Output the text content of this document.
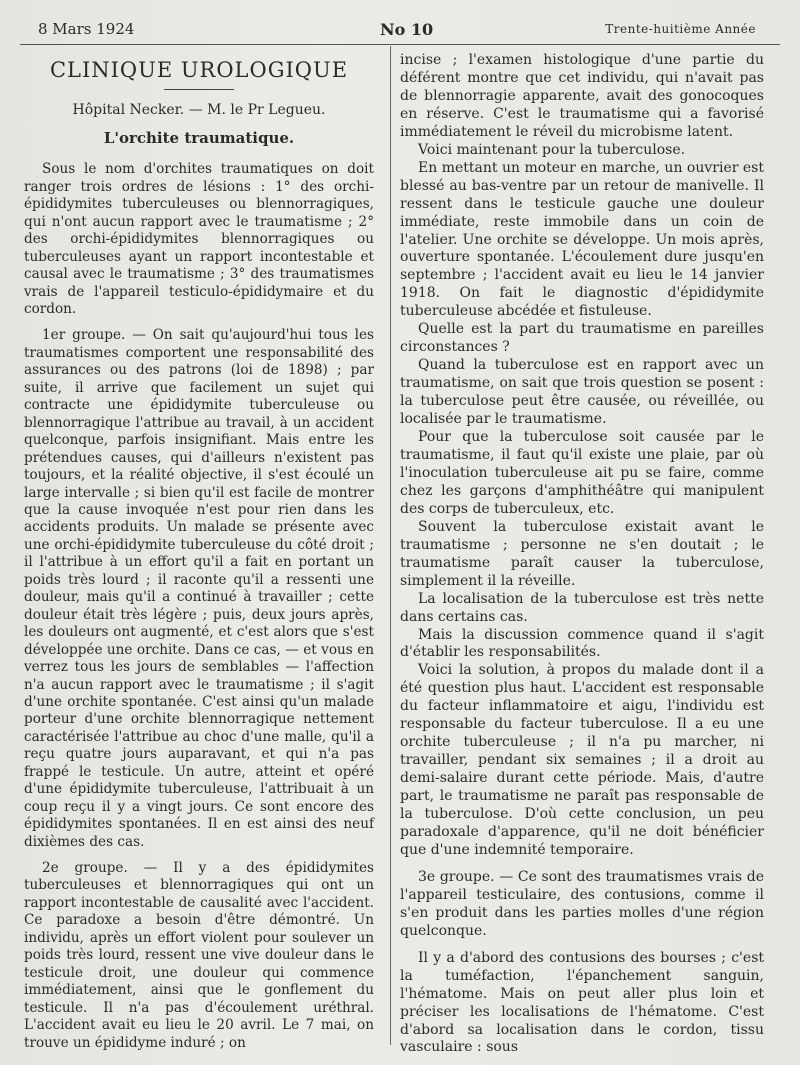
8 Mars 1924	No 10	Trente-huitième Année
CLINIQUE UROLOGIQUE
Hôpital Necker. — M. le Pr Legueu.
L'orchite traumatique.

Sous le nom d'orchites traumatiques on doit ranger trois ordres de lésions : 1° des orchi-épididymites tuberculeuses ou blennorragiques, qui n'ont aucun rapport avec le traumatisme ; 2° des orchi-épididymites blennorragiques ou tuberculeuses ayant un rapport incontestable et causal avec le traumatisme ; 3° des traumatismes vrais de l'appareil testiculo-épididymaire et du cordon.

1er groupe. — On sait qu'aujourd'hui tous les traumatismes comportent une responsabilité des assurances ou des patrons (loi de 1898) ; par suite, il arrive que facilement un sujet qui contracte une épididymite tuberculeuse ou blennorragique l'attribue au travail, à un accident quelconque, parfois insignifiant. Mais entre les prétendues causes, qui d'ailleurs n'existent pas toujours, et la réalité objective, il s'est écoulé un large intervalle ; si bien qu'il est facile de montrer que la cause invoquée n'est pour rien dans les accidents produits. Un malade se présente avec une orchi-épididymite tuberculeuse du côté droit ; il l'attribue à un effort qu'il a fait en portant un poids très lourd ; il raconte qu'il a ressenti une douleur, mais qu'il a continué à travailler ; cette douleur était très légère ; puis, deux jours après, les douleurs ont augmenté, et c'est alors que s'est développée une orchite. Dans ce cas, — et vous en verrez tous les jours de semblables — l'affection n'a aucun rapport avec le traumatisme ; il s'agit d'une orchite spontanée. C'est ainsi qu'un malade porteur d'une orchite blennorragique nettement caractérisée l'attribue au choc d'une malle, qu'il a reçu quatre jours auparavant, et qui n'a pas frappé le testicule. Un autre, atteint et opéré d'une épididymite tuberculeuse, l'attribuait à un coup reçu il y a vingt jours. Ce sont encore des épididymites spontanées. Il en est ainsi des neuf dixièmes des cas.

2e groupe. — Il y a des épididymites tuberculeuses et blennorragiques qui ont un rapport incontestable de causalité avec l'accident. Ce paradoxe a besoin d'être démontré. Un individu, après un effort violent pour soulever un poids très lourd, ressent une vive douleur dans le testicule droit, une douleur qui commence immédiatement, ainsi que le gonflement du testicule. Il n'a pas d'écoulement uréthral. L'accident avait eu lieu le 20 avril. Le 7 mai, on trouve un épididyme induré ; on

incise ; l'examen histologique d'une partie du déférent montre que cet individu, qui n'avait pas de blennorragie apparente, avait des gonocoques en réserve. C'est le traumatisme qui a favorisé immédiatement le réveil du microbisme latent.

Voici maintenant pour la tuberculose.

En mettant un moteur en marche, un ouvrier est blessé au bas-ventre par un retour de manivelle. Il ressent dans le testicule gauche une douleur immédiate, reste immobile dans un coin de l'atelier. Une orchite se développe. Un mois après, ouverture spontanée. L'écoulement dure jusqu'en septembre ; l'accident avait eu lieu le 14 janvier 1918. On fait le diagnostic d'épididymite tuberculeuse abcédée et fistuleuse.

Quelle est la part du traumatisme en pareilles circonstances ?

Quand la tuberculose est en rapport avec un traumatisme, on sait que trois question se posent : la tuberculose peut être causée, ou réveillée, ou localisée par le traumatisme.

Pour que la tuberculose soit causée par le traumatisme, il faut qu'il existe une plaie, par où l'inoculation tuberculeuse ait pu se faire, comme chez les garçons d'amphithéâtre qui manipulent des corps de tuberculeux, etc.

Souvent la tuberculose existait avant le traumatisme ; personne ne s'en doutait ; le traumatisme paraît causer la tuberculose, simplement il la réveille.

La localisation de la tuberculose est très nette dans certains cas.

Mais la discussion commence quand il s'agit d'établir les responsabilités.

Voici la solution, à propos du malade dont il a été question plus haut. L'accident est responsable du facteur inflammatoire et aigu, l'individu est responsable du facteur tuberculose. Il a eu une orchite tuberculeuse ; il n'a pu marcher, ni travailler, pendant six semaines ; il a droit au demi-salaire durant cette période. Mais, d'autre part, le traumatisme ne paraît pas responsable de la tuberculose. D'où cette conclusion, un peu paradoxale d'apparence, qu'il ne doit bénéficier que d'une indemnité temporaire.

3e groupe. — Ce sont des traumatismes vrais de l'appareil testiculaire, des contusions, comme il s'en produit dans les parties molles d'une région quelconque.

Il y a d'abord des contusions des bourses ; c'est la tuméfaction, l'épanchement sanguin, l'hématome. Mais on peut aller plus loin et préciser les localisations de l'hématome. C'est d'abord sa localisation dans le cordon, tissu vasculaire : sous
